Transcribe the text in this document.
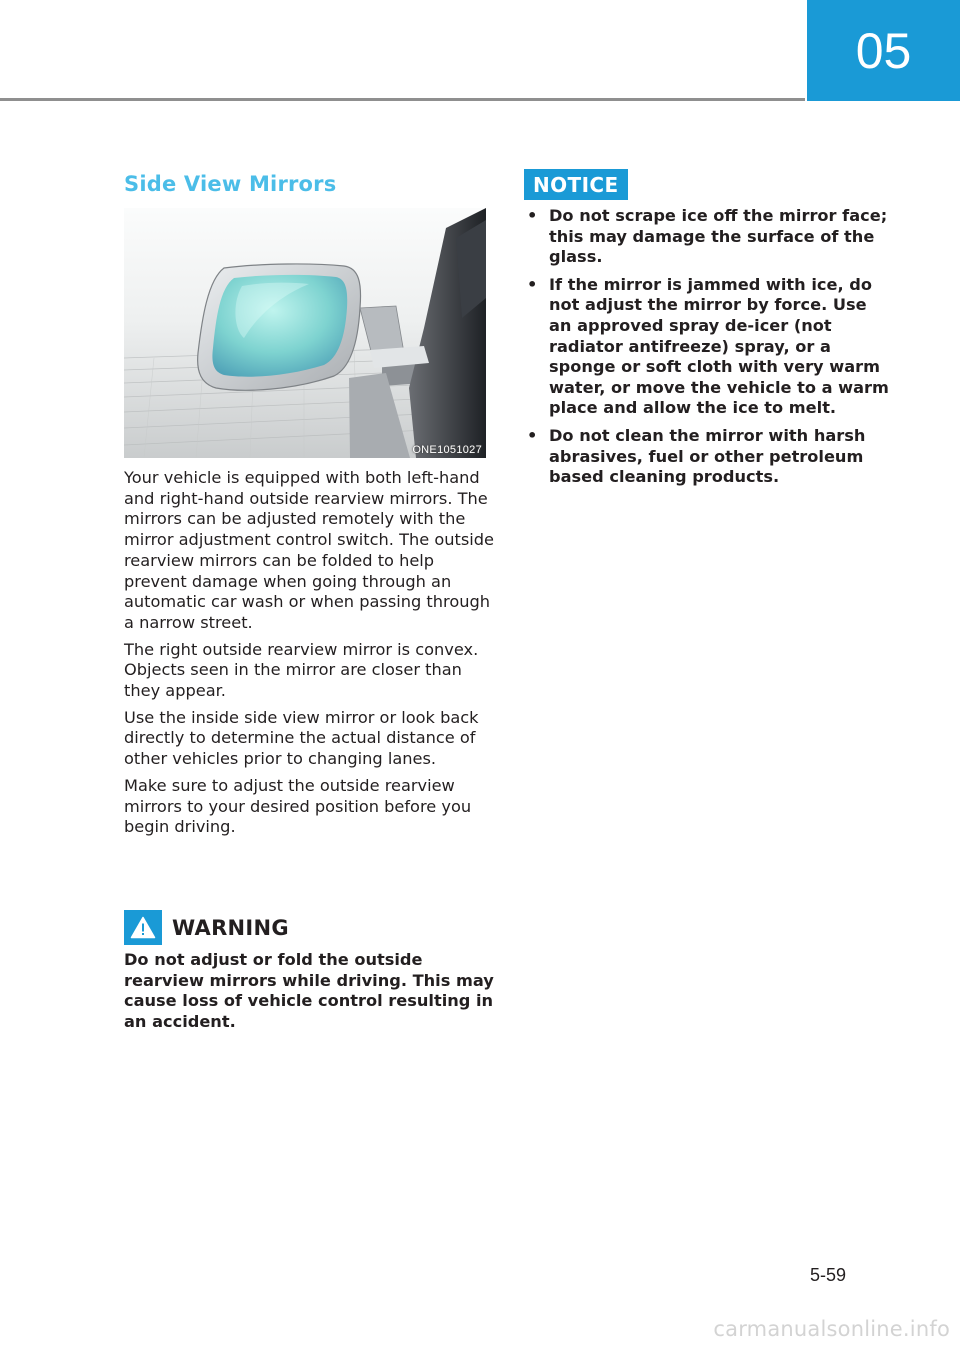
05
Side View Mirrors
ONE1051027

Your vehicle is equipped with both left-hand and right-hand outside rearview mirrors. The mirrors can be adjusted remotely with the mirror adjustment control switch. The outside rearview mirrors can be folded to help prevent damage when going through an automatic car wash or when passing through a narrow street.

The right outside rearview mirror is convex. Objects seen in the mirror are closer than they appear.

Use the inside side view mirror or look back directly to determine the actual distance of other vehicles prior to changing lanes.

Make sure to adjust the outside rearview mirrors to your desired position before you begin driving.

WARNING
Do not adjust or fold the outside rearview mirrors while driving. This may cause loss of vehicle control resulting in an accident.
NOTICE
• Do not scrape ice off the mirror face; this may damage the surface of the glass.
• If the mirror is jammed with ice, do not adjust the mirror by force. Use an approved spray de-icer (not radiator antifreeze) spray, or a sponge or soft cloth with very warm water, or move the vehicle to a warm place and allow the ice to melt.
• Do not clean the mirror with harsh abrasives, fuel or other petroleum based cleaning products.
5-59
carmanualsonline.info
